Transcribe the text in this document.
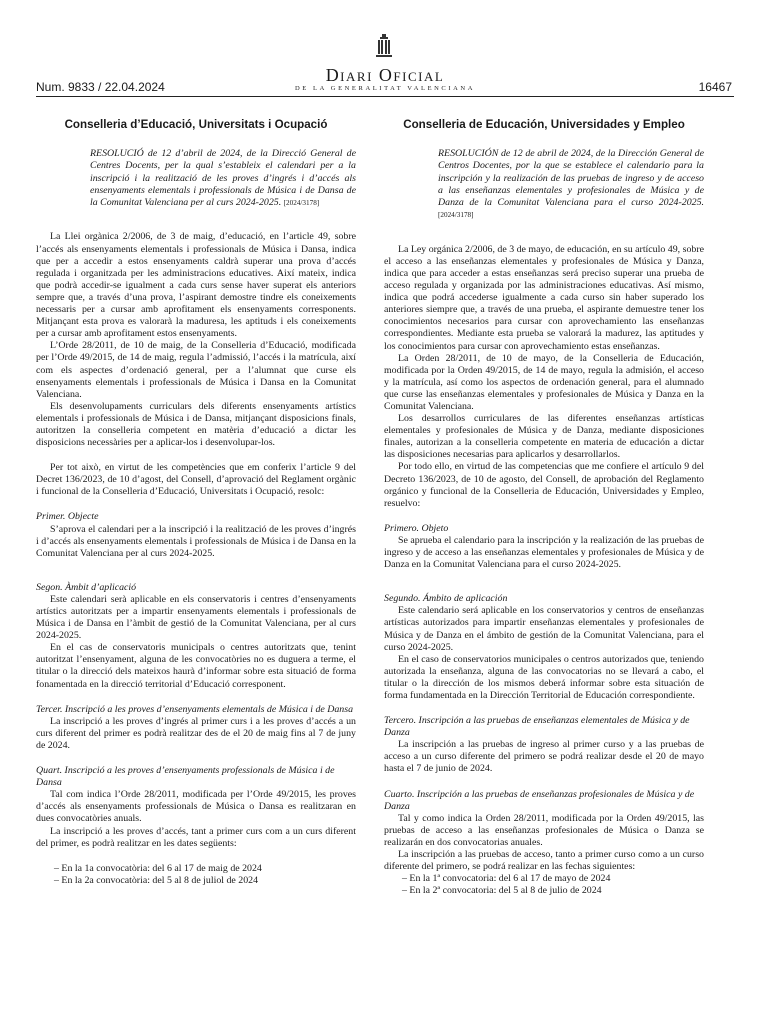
Diari Oficial
DE LA GENERALITAT VALENCIANA
Num. 9833 / 22.04.2024	16467
Conselleria d’Educació, Universitats i Ocupació
RESOLUCIÓ de 12 d’abril de 2024, de la Direcció General de Centres Docents, per la qual s’estableix el calendari per a la inscripció i la realització de les proves d’ingrés i d’accés als ensenyaments elementals i professionals de Música i de Dansa de la Comunitat Valenciana per al curs 2024-2025. [2024/3178]

La Llei orgànica 2/2006, de 3 de maig, d’educació, en l’article 49, sobre l’accés als ensenyaments elementals i professionals de Música i Dansa, indica que per a accedir a estos ensenyaments caldrà superar una prova d’accés regulada i organitzada per les administracions educatives. Així mateix, indica que podrà accedir-se igualment a cada curs sense haver superat els anteriors sempre que, a través d’una prova, l’aspirant demostre tindre els coneixements necessaris per a cursar amb aprofitament els ensenyaments corresponents. Mitjançant esta prova es valorarà la maduresa, les aptituds i els coneixements per a cursar amb aprofitament estos ensenyaments.

L’Orde 28/2011, de 10 de maig, de la Conselleria d’Educació, modificada per l’Orde 49/2015, de 14 de maig, regula l’admissió, l’accés i la matrícula, així com els aspectes d’ordenació general, per a l’alumnat que curse els ensenyaments elementals i professionals de Música i Dansa en la Comunitat Valenciana.

Els desenvolupaments curriculars dels diferents ensenyaments artístics elementals i professionals de Música i de Dansa, mitjançant disposicions finals, autoritzen la conselleria competent en matèria d’educació a dictar les disposicions necessàries per a aplicar-los i desenvolupar-los.

Per tot això, en virtut de les competències que em conferix l’article 9 del Decret 136/2023, de 10 d’agost, del Consell, d’aprovació del Reglament orgànic i funcional de la Conselleria d’Educació, Universitats i Ocupació, resolc:

Primer. Objecte

S’aprova el calendari per a la inscripció i la realització de les proves d’ingrés i d’accés als ensenyaments elementals i professionals de Música i de Dansa en la Comunitat Valenciana per al curs 2024-2025.

Segon. Àmbit d’aplicació

Este calendari serà aplicable en els conservatoris i centres d’ensenyaments artístics autoritzats per a impartir ensenyaments elementals i professionals de Música i de Dansa en l’àmbit de gestió de la Comunitat Valenciana, per al curs 2024-2025.

En el cas de conservatoris municipals o centres autoritzats que, tenint autoritzat l’ensenyament, alguna de les convocatòries no es duguera a terme, el titular o la direcció dels mateixos haurà d’informar sobre esta situació de forma fonamentada en la direcció territorial d’Educació corresponent.

Tercer. Inscripció a les proves d’ensenyaments elementals de Música i de Dansa

La inscripció a les proves d’ingrés al primer curs i a les proves d’accés a un curs diferent del primer es podrà realitzar des de el 20 de maig fins al 7 de juny de 2024.

Quart. Inscripció a les proves d’ensenyaments professionals de Música i de Dansa

Tal com indica l’Orde 28/2011, modificada per l’Orde 49/2015, les proves d’accés als ensenyaments professionals de Música o Dansa es realitzaran en dues convocatòries anuals.

La inscripció a les proves d’accés, tant a primer curs com a un curs diferent del primer, es podrà realitzar en les dates següents:

– En la 1a convocatòria: del 6 al 17 de maig de 2024

– En la 2a convocatòria: del 5 al 8 de juliol de 2024

Conselleria de Educación, Universidades y Empleo
RESOLUCIÓN de 12 de abril de 2024, de la Dirección General de Centros Docentes, por la que se establece el calendario para la inscripción y la realización de las pruebas de ingreso y de acceso a las enseñanzas elementales y profesionales de Música y de Danza de la Comunitat Valenciana para el curso 2024-2025. [2024/3178]

La Ley orgánica 2/2006, de 3 de mayo, de educación, en su artículo 49, sobre el acceso a las enseñanzas elementales y profesionales de Música y Danza, indica que para acceder a estas enseñanzas será preciso superar una prueba de acceso regulada y organizada por las administraciones educativas. Así mismo, indica que podrá accederse igualmente a cada curso sin haber superado los anteriores siempre que, a través de una prueba, el aspirante demuestre tener los conocimientos necesarios para cursar con aprovechamiento las enseñanzas correspondientes. Mediante esta prueba se valorará la madurez, las aptitudes y los conocimientos para cursar con aprovechamiento estas enseñanzas.

La Orden 28/2011, de 10 de mayo, de la Conselleria de Educación, modificada por la Orden 49/2015, de 14 de mayo, regula la admisión, el acceso y la matrícula, así como los aspectos de ordenación general, para el alumnado que curse las enseñanzas elementales y profesionales de Música y Danza en la Comunitat Valenciana.

Los desarrollos curriculares de las diferentes enseñanzas artísticas elementales y profesionales de Música y de Danza, mediante disposiciones finales, autorizan a la conselleria competente en materia de educación a dictar las disposiciones necesarias para aplicarlos y desarrollarlos.

Por todo ello, en virtud de las competencias que me confiere el artículo 9 del Decreto 136/2023, de 10 de agosto, del Consell, de aprobación del Reglamento orgánico y funcional de la Conselleria de Educación, Universidades y Empleo, resuelvo:

Primero. Objeto

Se aprueba el calendario para la inscripción y la realización de las pruebas de ingreso y de acceso a las enseñanzas elementales y profesionales de Música y de Danza en la Comunitat Valenciana para el curso 2024-2025.

Segundo. Ámbito de aplicación

Este calendario será aplicable en los conservatorios y centros de enseñanzas artísticas autorizados para impartir enseñanzas elementales y profesionales de Música y de Danza en el ámbito de gestión de la Comunitat Valenciana, para el curso 2024-2025.

En el caso de conservatorios municipales o centros autorizados que, teniendo autorizada la enseñanza, alguna de las convocatorias no se llevará a cabo, el titular o la dirección de los mismos deberá informar sobre esta situación de forma fundamentada en la Dirección Territorial de Educación correspondiente.

Tercero. Inscripción a las pruebas de enseñanzas elementales de Música y de Danza

La inscripción a las pruebas de ingreso al primer curso y a las pruebas de acceso a un curso diferente del primero se podrá realizar desde el 20 de mayo hasta el 7 de junio de 2024.

Cuarto. Inscripción a las pruebas de enseñanzas profesionales de Música y de Danza

Tal y como indica la Orden 28/2011, modificada por la Orden 49/2015, las pruebas de acceso a las enseñanzas profesionales de Música o Danza se realizarán en dos convocatorias anuales.

La inscripción a las pruebas de acceso, tanto a primer curso como a un curso diferente del primero, se podrá realizar en las fechas siguientes:

– En la 1ª convocatoria: del 6 al 17 de mayo de 2024

– En la 2ª convocatoria: del 5 al 8 de julio de 2024
